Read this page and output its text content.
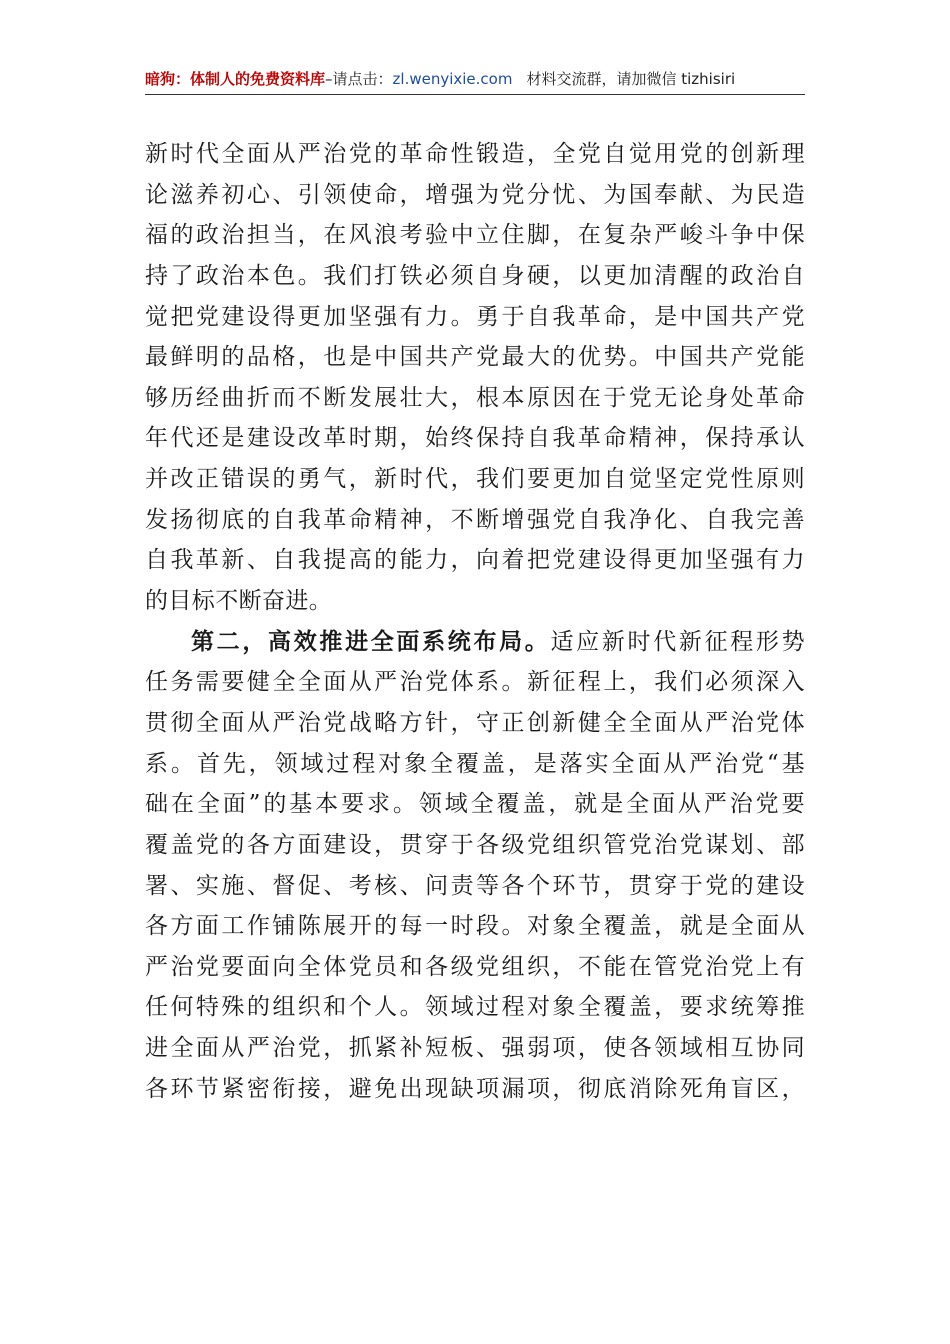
暗狗：体制人的免费资料库–请点击：zl.wenyixie.com 材料交流群，请加微信 tizhisiri
新时代全面从严治党的革命性锻造，全党自觉用党的创新理
论滋养初心、引领使命，增强为党分忧、为国奉献、为民造
福的政治担当，在风浪考验中立住脚，在复杂严峻斗争中保
持了政治本色。我们打铁必须自身硬，以更加清醒的政治自
觉把党建设得更加坚强有力。勇于自我革命，是中国共产党
最鲜明的品格，也是中国共产党最大的优势。中国共产党能
够历经曲折而不断发展壮大，根本原因在于党无论身处革命
年代还是建设改革时期，始终保持自我革命精神，保持承认
并改正错误的勇气，新时代，我们要更加自觉坚定党性原则
发扬彻底的自我革命精神，不断增强党自我净化、自我完善
自我革新、自我提高的能力，向着把党建设得更加坚强有力
的目标不断奋进。
第二，高效推进全面系统布局。适应新时代新征程形势
任务需要健全全面从严治党体系。新征程上，我们必须深入
贯彻全面从严治党战略方针，守正创新健全全面从严治党体
系。首先，领域过程对象全覆盖，是落实全面从严治党“基
础在全面”的基本要求。领域全覆盖，就是全面从严治党要
覆盖党的各方面建设，贯穿于各级党组织管党治党谋划、部
署、实施、督促、考核、问责等各个环节，贯穿于党的建设
各方面工作铺陈展开的每一时段。对象全覆盖，就是全面从
严治党要面向全体党员和各级党组织，不能在管党治党上有
任何特殊的组织和个人。领域过程对象全覆盖，要求统筹推
进全面从严治党，抓紧补短板、强弱项，使各领域相互协同
各环节紧密衔接，避免出现缺项漏项，彻底消除死角盲区，
